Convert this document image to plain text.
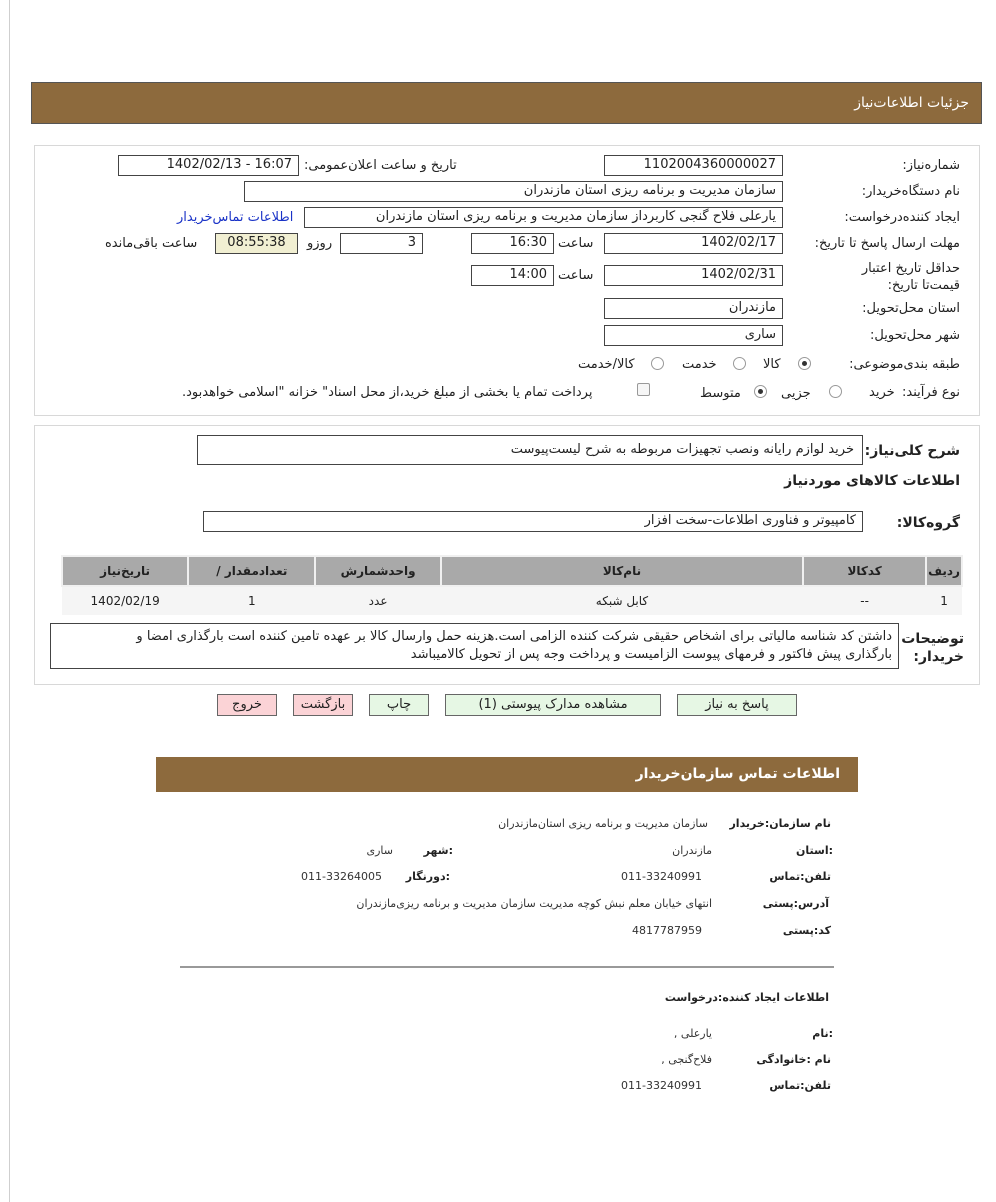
جزئیات اطلاعات‌نیاز
شماره‌نیاز:
1102004360000027
تاریخ و ساعت اعلان‌عمومی:
1402/02/13 - 16:07
نام دستگاه‌خریدار:
سازمان مدیریت و برنامه ریزی استان مازندران
ایجاد کننده‌درخواست:
یارعلی فلاح گنجی کاربرداز سازمان مدیریت و برنامه ریزی استان مازندران
اطلاعات تماس‌خریدار
مهلت ارسال پاسخ تا تاریخ:
1402/02/17
ساعت
16:30
3
روزو
08:55:38
ساعت باقی‌مانده
حداقل تاریخ اعتبار قیمت‌تا تاریخ:
1402/02/31
ساعت
14:00
استان محل‌تحویل:
مازندران
شهر محل‌تحویل:
ساری
طبقه بندی‌موضوعی:
کالا
خدمت
کالا/خدمت
نوع فرآیند:
خرید
جزیی
متوسط
پرداخت تمام یا بخشی از مبلغ خرید،از محل اسناد" خزانه "اسلامی خواهد‌بود.
شرح کلی‌نیاز:
خرید لوازم رایانه ونصب تجهیزات مربوطه به شرح لیست‌پیوست
اطلاعات کالاهای موردنیاز
گروه‌کالا:
کامپیوتر و فناوری اطلاعات-سخت افزار
ردیف	کدکالا	نام‌کالا	واحدشمارش	تعدادمقدار /	تاریخ‌نیاز
1	--	کابل شبکه	عدد	1	1402/02/19
توضیحات خریدار:
داشتن کد شناسه مالیاتی برای اشخاص حقیقی شرکت کننده الزامی است.هزینه حمل وارسال کالا بر عهده تامین کننده است بارگذاری امضا و
بارگذاری پیش فاکتور و فرمهای پیوست الزامیست و پرداخت وجه پس از تحویل کالامیباشد
پاسخ به نیاز
مشاهده مدارک پیوستی (1)
چاپ
بازگشت
خروج
اطلاعات تماس سازمان‌خریدار
نام سازمان:خریدار
سازمان مدیریت و برنامه ریزی استان‌مازندران
:استان
مازندران
:شهر
ساری
تلفن:تماس
011-33240991
:دورنگار
011-33264005
آدرس:پستی
انتهای خیابان معلم نبش کوچه مدیریت سازمان مدیریت و برنامه ریزی‌مازندران
کد:پستی
4817787959
اطلاعات ایجاد کننده:درخواست
:نام
یارعلی ,
نام :خانوادگی
فلاح‌گنجی ,
تلفن:تماس
011-33240991
